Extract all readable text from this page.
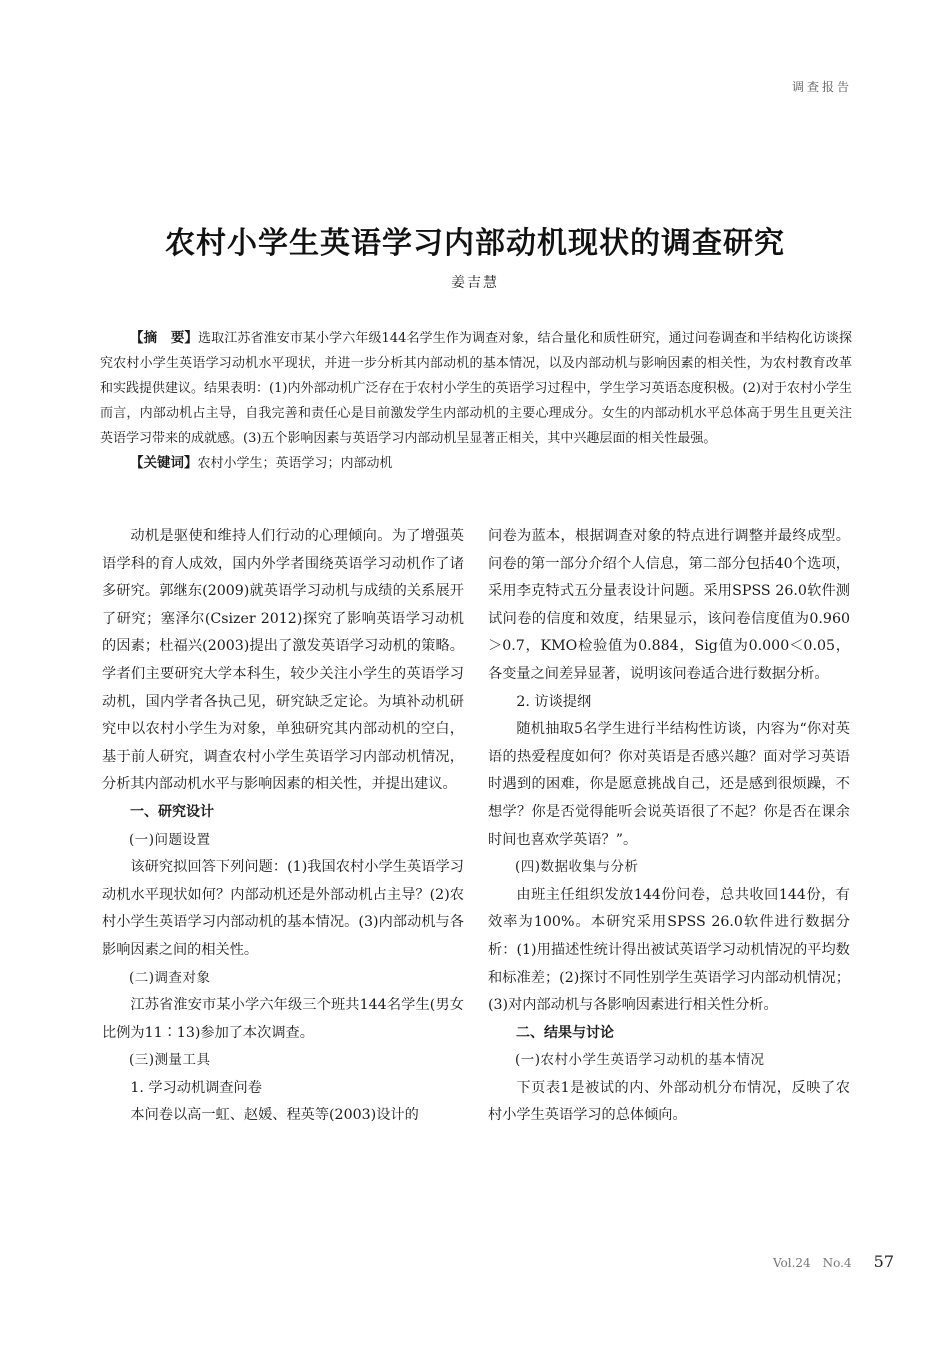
调查报告
农村小学生英语学习内部动机现状的调查研究
姜吉慧
【摘　要】选取江苏省淮安市某小学六年级144名学生作为调查对象，结合量化和质性研究，通过问卷调查和半结构化访谈探究农村小学生英语学习动机水平现状，并进一步分析其内部动机的基本情况，以及内部动机与影响因素的相关性，为农村教育改革和实践提供建议。结果表明：(1)内外部动机广泛存在于农村小学生的英语学习过程中，学生学习英语态度积极。(2)对于农村小学生而言，内部动机占主导，自我完善和责任心是目前激发学生内部动机的主要心理成分。女生的内部动机水平总体高于男生且更关注英语学习带来的成就感。(3)五个影响因素与英语学习内部动机呈显著正相关，其中兴趣层面的相关性最强。
【关键词】农村小学生；英语学习；内部动机

动机是驱使和维持人们行动的心理倾向。为了增强英语学科的育人成效，国内外学者围绕英语学习动机作了诸多研究。郭继东(2009)就英语学习动机与成绩的关系展开了研究；塞泽尔(Csizer 2012)探究了影响英语学习动机的因素；杜福兴(2003)提出了激发英语学习动机的策略。学者们主要研究大学本科生，较少关注小学生的英语学习动机，国内学者各执己见，研究缺乏定论。为填补动机研究中以农村小学生为对象，单独研究其内部动机的空白，基于前人研究，调查农村小学生英语学习内部动机情况，分析其内部动机水平与影响因素的相关性，并提出建议。

一、研究设计

(一)问题设置

该研究拟回答下列问题：(1)我国农村小学生英语学习动机水平现状如何？内部动机还是外部动机占主导？(2)农村小学生英语学习内部动机的基本情况。(3)内部动机与各影响因素之间的相关性。

(二)调查对象

江苏省淮安市某小学六年级三个班共144名学生(男女比例为11∶13)参加了本次调查。

(三)测量工具

1. 学习动机调查问卷

本问卷以高一虹、赵媛、程英等(2003)设计的

问卷为蓝本，根据调查对象的特点进行调整并最终成型。问卷的第一部分介绍个人信息，第二部分包括40个选项，采用李克特式五分量表设计问题。采用SPSS 26.0软件测试问卷的信度和效度，结果显示，该问卷信度值为0.960＞0.7，KMO检验值为0.884，Sig值为0.000＜0.05，各变量之间差异显著，说明该问卷适合进行数据分析。

2. 访谈提纲

随机抽取5名学生进行半结构性访谈，内容为“你对英语的热爱程度如何？你对英语是否感兴趣？面对学习英语时遇到的困难，你是愿意挑战自己，还是感到很烦躁，不想学？你是否觉得能听会说英语很了不起？你是否在课余时间也喜欢学英语？”。

(四)数据收集与分析

由班主任组织发放144份问卷，总共收回144份，有效率为100%。本研究采用SPSS 26.0软件进行数据分析：(1)用描述性统计得出被试英语学习动机情况的平均数和标准差；(2)探讨不同性别学生英语学习内部动机情况；(3)对内部动机与各影响因素进行相关性分析。

二、结果与讨论

(一)农村小学生英语学习动机的基本情况

下页表1是被试的内、外部动机分布情况，反映了农村小学生英语学习的总体倾向。

Vol.24　No.4 57
